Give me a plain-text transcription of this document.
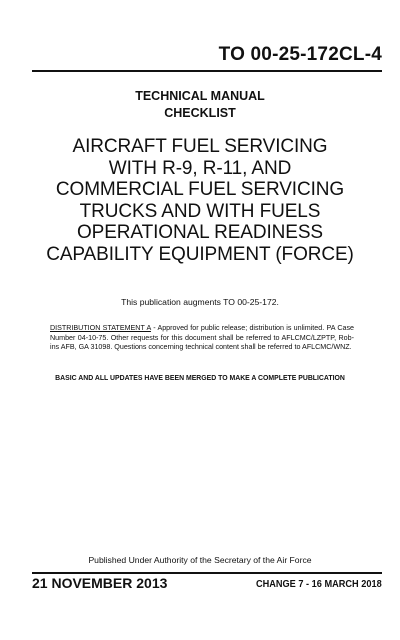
TO 00-25-172CL-4
TECHNICAL MANUAL
CHECKLIST
AIRCRAFT FUEL SERVICING
WITH R-9, R-11, AND
COMMERCIAL FUEL SERVICING
TRUCKS AND WITH FUELS
OPERATIONAL READINESS
CAPABILITY EQUIPMENT (FORCE)
This publication augments TO 00-25-172.
DISTRIBUTION STATEMENT A - Approved for public release; distribution is unlimited. PA Case
Number 04-10-75. Other requests for this document shall be referred to AFLCMC/LZPTP, Rob-
ins AFB, GA 31098. Questions concerning technical content shall be referred to AFLCMC/WNZ.
BASIC AND ALL UPDATES HAVE BEEN MERGED TO MAKE A COMPLETE PUBLICATION
Published Under Authority of the Secretary of the Air Force
21 NOVEMBER 2013	CHANGE 7 - 16 MARCH 2018
